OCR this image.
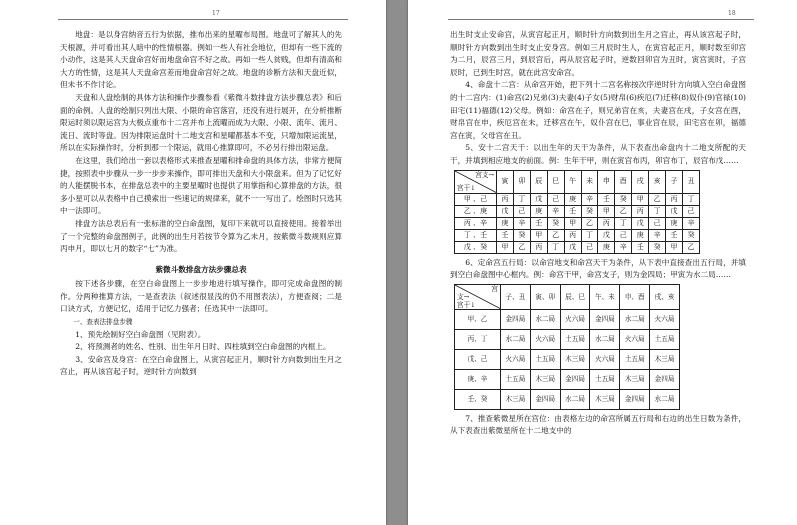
17

地盘：是以身宫纳音五行为依据，推布出来的星曜布局图。地盘可了解其人的先天根源，并可看出其人暗中的性情根器。例如一些人有社会地位，但却有一些下流的小动作，这是其人天盘命宫好而地盘命宫不好之故。再如一些人贫贱，但却有清高和大方的性情，这是其人天盘命宫差而地盘命宫好之故。地盘的诊断方法和天盘近似，但未书不作讨论。

天盘和人盘绘制的具体方法和操作步骤参看《紫微斗数排盘方法步骤总表》和后面的命例。人盘的绘制只列出大限、小限的命宫落宫，还没有进行展开，在分析推断限运时须以限运宫为大极点重布十二宫并布上流曜而成为大限、小限、流年、流月、流日、流时等盘。因为排限运盘时十二地支宫和星曜都基本不变，只增加限运流星，所以在实际操作时，分析到那一个限运，就用心推算即可，不必另行排出限运盘。

在这里，我们给出一套以表格形式来推查星曜和排命盘的具体方法，非常方便简捷，按照表中步骤从一步一步步来操作，即可排出天盘和大小限盘来。但为了记忆好的人能摆脱书本，在排盘总表中的主要星曜时也提供了用掌指和心算排盘的方法，很多小星可以从表格中自己摸索出一些速记的规律来，就不一一写出了。绘图时只选其中一法即可。

排盘方法总表后有一张标准的空白命盘图，复印下来就可以直接使用。接着举出了一个完整的命盘图例子，此例的出生月若按节令算为乙未月，按紫微斗数规则应算丙申月，即以七月的数字“七”为准。

紫微斗数排盘方法步骤总表

按下述各步骤，在空白命盘图上一步步地进行填写操作，即可完成命盘图的制作。分两种推算方法，一是查表法（叙述很显浅的仍不用图表法），方便查阅；二是口诀方式，方便记忆，适用于记忆力强者；任选其中一法即可。

一、查表法排盘步骤

1、预先绘制好空白命盘图（见附表）。

2、将预测者的姓名、性别、出生年月日时、四柱填到空白命盘图的内框上。

3、安命宫及身宫：在空白命盘图上，从寅宫起正月，顺时针方向数到出生月之宫止，再从该宫起子时，逆时针方向数到

18

出生时支止安命宫，从寅宫起正月，顺时针方向数到出生月之宫止，再从该宫起子时，顺时针方向数到出生时支止安身宫。例如三月辰时生人，在寅宫起正月，顺时数至卯宫为二月，辰宫三月，到辰宫后，再从辰宫起子时，逆数回卯宫为丑时，寅宫寅时，子宫辰时，已到生时宫，就在此宫安命宫。

4、命盘十二宫：从命宫开始，把下列十二宫名称按次序逆时针方向填入空白命盘图的十二宫内：(1)命宫(2)兄弟(3)夫妻(4)子女(5)财帛(6)疾厄(7)迁移(8)奴仆(9)官禄(10)田宅(11)福德(12)父母。例如：命宫在子，则兄弟宫在亥，夫妻宫在戌，子女宫在酉，财帛宫在申，疾厄宫在未，迁移宫在午，奴仆宫在巳，事业宫在辰，田宅宫在卯，福德宫在寅，父母宫在丑。

5、安十二宫天干：以出生年的天干为条件，从下表查出命盘内十二地支所配的天干，并填到相应地支的前面。例：生年干甲，则在寅宫布丙，卯宫布丁，辰宫布戊……

宫支→
宫干↓	寅	卯	辰	巳	午	未	申	酉	戌	亥	子	丑
甲 、己	丙	丁	戊	己	庚	辛	壬	癸	甲	乙	丙	丁
乙 、庚	戊	己	庚	辛	壬	癸	甲	乙	丙	丁	戊	己
丙 、辛	庚	辛	壬	癸	甲	乙	丙	丁	戊	己	庚	辛
丁 、壬	壬	癸	甲	乙	丙	丁	戊	己	庚	辛	壬	癸
戊 、癸	甲	乙	丙	丁	戊	己	庚	辛	壬	癸	甲	乙

6、定命宫五行局：以命宫地支和命宫天干为条件，从下表中直接查出五行局，并填到空白命盘图中心框内。例：命宫干甲，命宫支子，则为金四局；甲寅为水二局……

宫
支→
宫干↓	子、丑	寅、卯	辰、巳	午、未	申、酉	戌、亥
甲、乙	金四局	水二局	火六局	金四局	水二局	火六局
丙、丁	水二局	火六局	土五局	水二局	火六局	土五局
戊、己	火六局	土五局	木三局	火六局	土五局	木三局
庚、辛	土五局	木三局	金四局	土五局	木三局	金四局
壬、癸	木三局	金四局	水二局	木三局	金四局	水二局

7、推查紫微星所在宫位：由表格左边的命宫所属五行局和右边的出生日数为条件，从下表查出紫微星所在十二地支中的
